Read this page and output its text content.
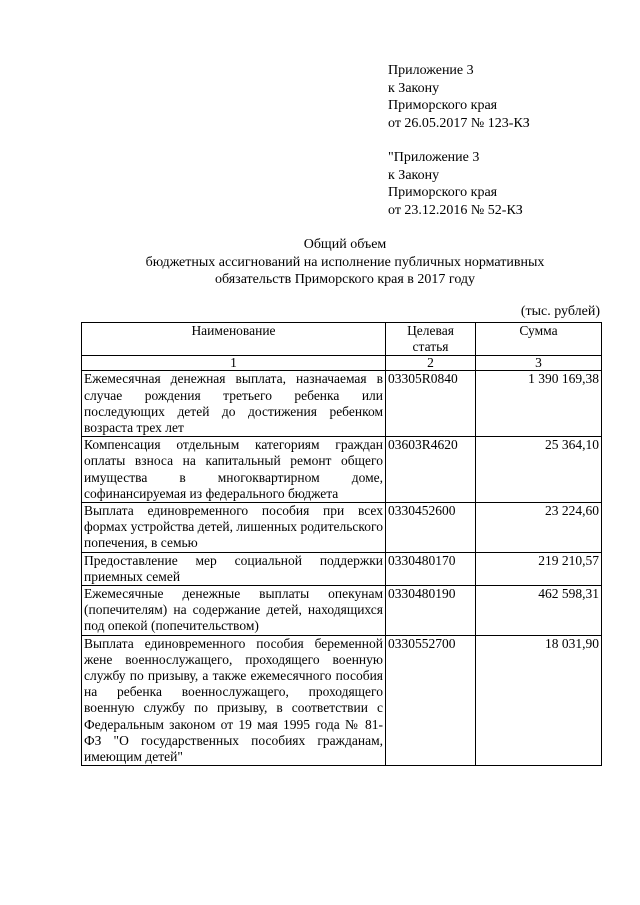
Приложение 3
к Закону
Приморского края
от 26.05.2017 № 123-КЗ
"Приложение 3
к Закону
Приморского края
от 23.12.2016 № 52-КЗ
Общий объем
бюджетных ассигнований на исполнение публичных нормативных
обязательств Приморского края в 2017 году
(тыс. рублей)
Наименование	Целевая статья	Сумма
1	2	3
Ежемесячная денежная выплата, назначаемая в случае рождения третьего ребенка или последующих детей до достижения ребенком возраста трех лет	03305R0840	1 390 169,38
Компенсация отдельным категориям граждан оплаты взноса на капитальный ремонт общего имущества в многоквартирном доме, софинансируемая из федерального бюджета	03603R4620	25 364,10
Выплата единовременного пособия при всех формах устройства детей, лишенных родительского попечения, в семью	0330452600	23 224,60
Предоставление мер социальной поддержки приемных семей	0330480170	219 210,57
Ежемесячные денежные выплаты опекунам (попечителям) на содержание детей, находящихся под опекой (попечительством)	0330480190	462 598,31
Выплата единовременного пособия беременной жене военнослужащего, проходящего военную службу по призыву, а также ежемесячного пособия на ребенка военнослужащего, проходящего военную службу по призыву, в соответствии с Федеральным законом от 19 мая 1995 года № 81-ФЗ "О государственных пособиях гражданам, имеющим детей"	0330552700	18 031,90
